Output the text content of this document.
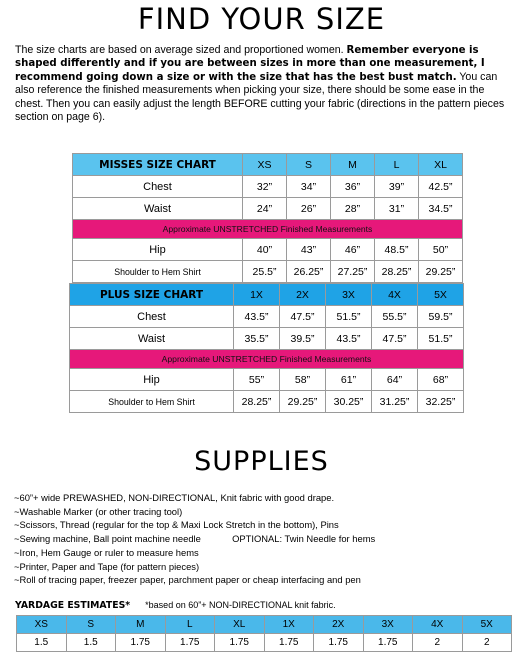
FIND YOUR SIZE
The size charts are based on average sized and proportioned women. Remember everyone is shaped differently and if you are between sizes in more than one measurement, I recommend going down a size or with the size that has the best bust match. You can also reference the finished measurements when picking your size, there should be some ease in the chest. Then you can easily adjust the length BEFORE cutting your fabric (directions in the pattern pieces section on page 6).
MISSES SIZE CHART	XS	S	M	L	XL
Chest	32”	34”	36”	39”	42.5”
Waist	24”	26”	28”	31”	34.5”
Approximate UNSTRETCHED Finished Measurements					
Hip	40”	43”	46”	48.5”	50”
Shoulder to Hem Shirt	25.5”	26.25”	27.25”	28.25”	29.25”
PLUS SIZE CHART	1X	2X	3X	4X	5X
Chest	43.5”	47.5”	51.5”	55.5”	59.5”
Waist	35.5”	39.5”	43.5”	47.5”	51.5”
Approximate UNSTRETCHED Finished Measurements					
Hip	55”	58”	61”	64”	68”
Shoulder to Hem Shirt	28.25”	29.25”	30.25”	31.25”	32.25”
SUPPLIES
~60”+ wide PREWASHED, NON-DIRECTIONAL, Knit fabric with good drape.
~Washable Marker (or other tracing tool)
~Scissors, Thread (regular for the top & Maxi Lock Stretch in the bottom), Pins
~Sewing machine, Ball point machine needle            OPTIONAL: Twin Needle for hems
~Iron, Hem Gauge or ruler to measure hems
~Printer, Paper and Tape (for pattern pieces)
~Roll of tracing paper, freezer paper, parchment paper or cheap interfacing and pen
YARDAGE ESTIMATES* *based on 60”+ NON-DIRECTIONAL knit fabric.
XS	S	M	L	XL	1X	2X	3X	4X	5X
1.5	1.5	1.75	1.75	1.75	1.75	1.75	1.75	2	2
